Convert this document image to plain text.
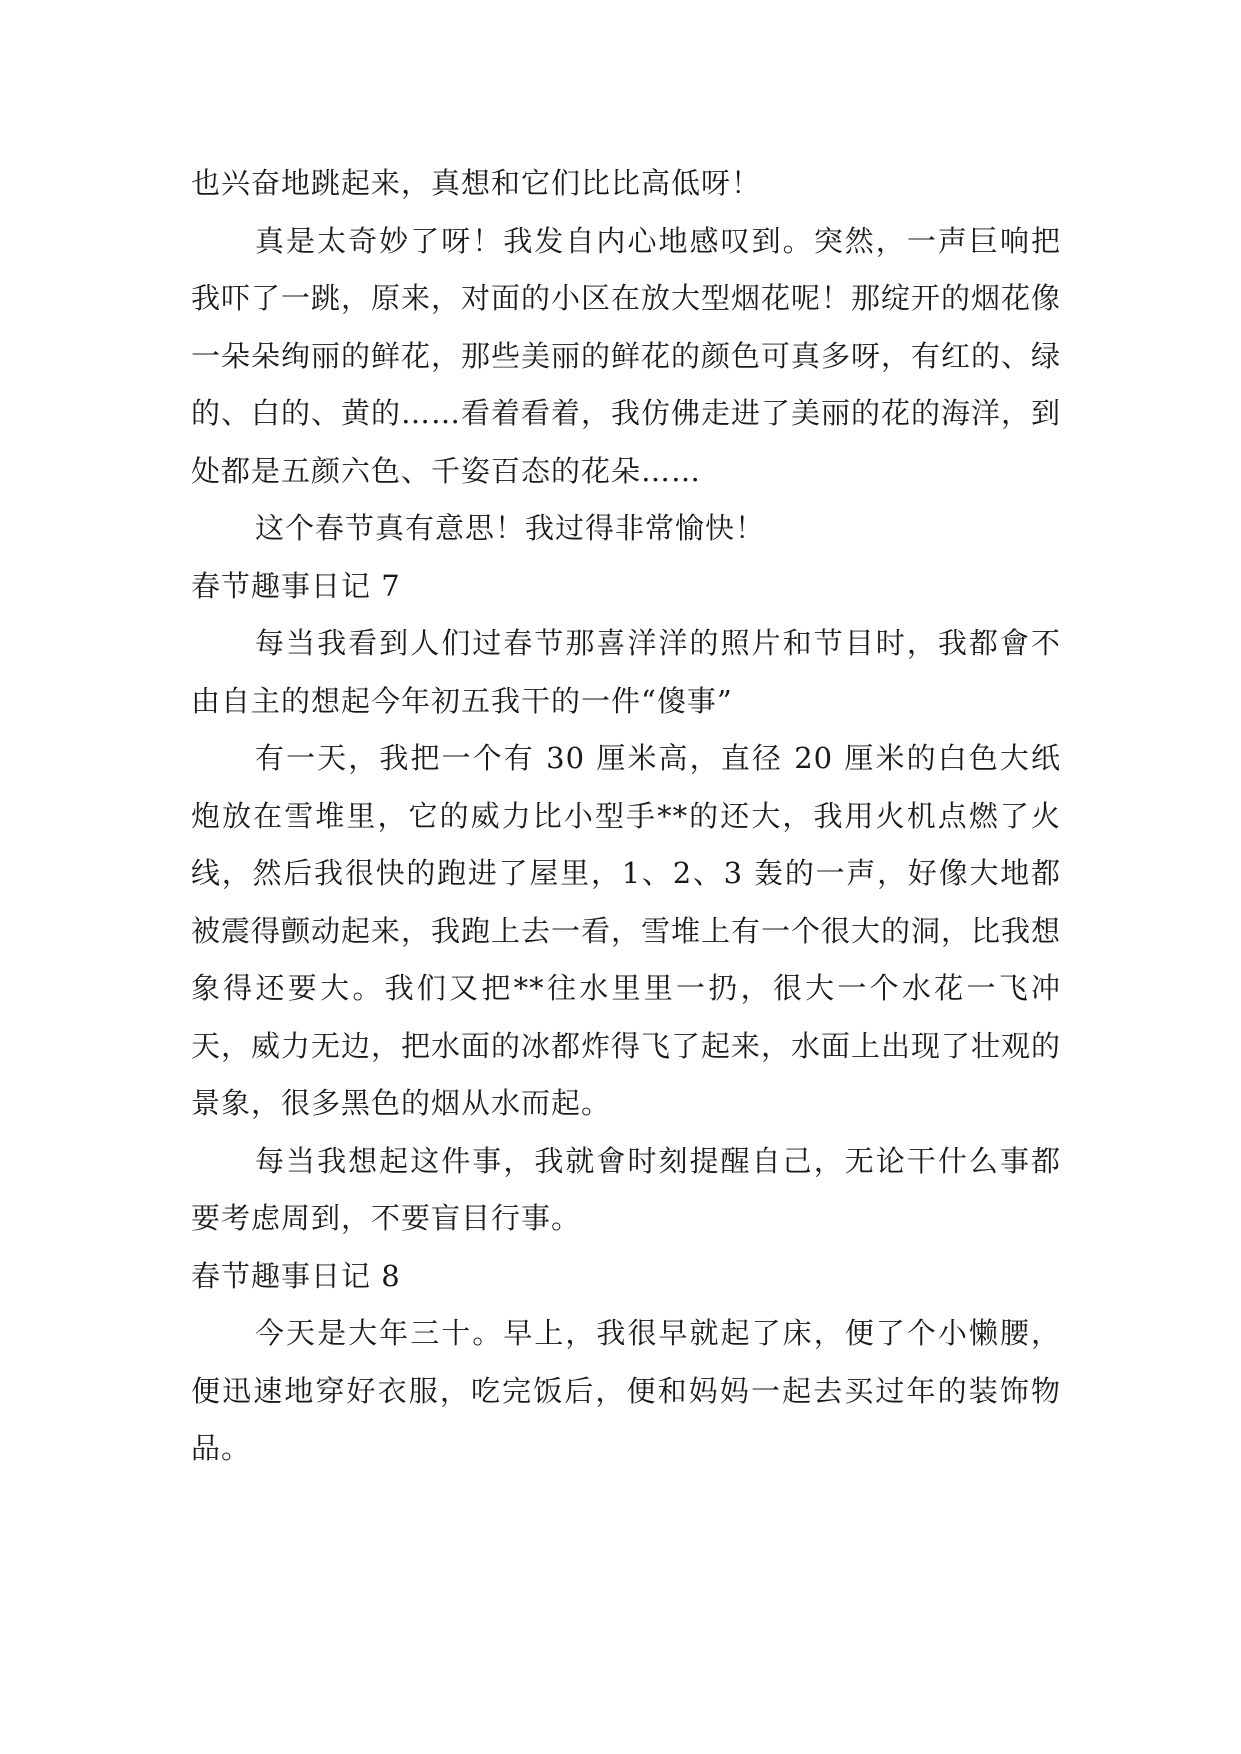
也兴奋地跳起来，真想和它们比比高低呀！

真是太奇妙了呀！我发自内心地感叹到。突然，一声巨响把我吓了一跳，原来，对面的小区在放大型烟花呢！那绽开的烟花像一朵朵绚丽的鲜花，那些美丽的鲜花的颜色可真多呀，有红的、绿的、白的、黄的……看着看着，我仿佛走进了美丽的花的海洋，到处都是五颜六色、千姿百态的花朵……

这个春节真有意思！我过得非常愉快！

春节趣事日记 7

每当我看到人们过春节那喜洋洋的照片和节目时，我都會不由自主的想起今年初五我干的一件“傻事”

有一天，我把一个有 30 厘米高，直径 20 厘米的白色大纸炮放在雪堆里，它的威力比小型手**的还大，我用火机点燃了火线，然后我很快的跑进了屋里，1、2、3 轰的一声，好像大地都被震得颤动起来，我跑上去一看，雪堆上有一个很大的洞，比我想象得还要大。我们又把**往水里里一扔，很大一个水花一飞冲天，威力无边，把水面的冰都炸得飞了起来，水面上出现了壮观的景象，很多黑色的烟从水而起。

每当我想起这件事，我就會时刻提醒自己，无论干什么事都要考虑周到，不要盲目行事。

春节趣事日记 8

今天是大年三十。早上，我很早就起了床，便了个小懒腰，便迅速地穿好衣服，吃完饭后，便和妈妈一起去买过年的装饰物品。
